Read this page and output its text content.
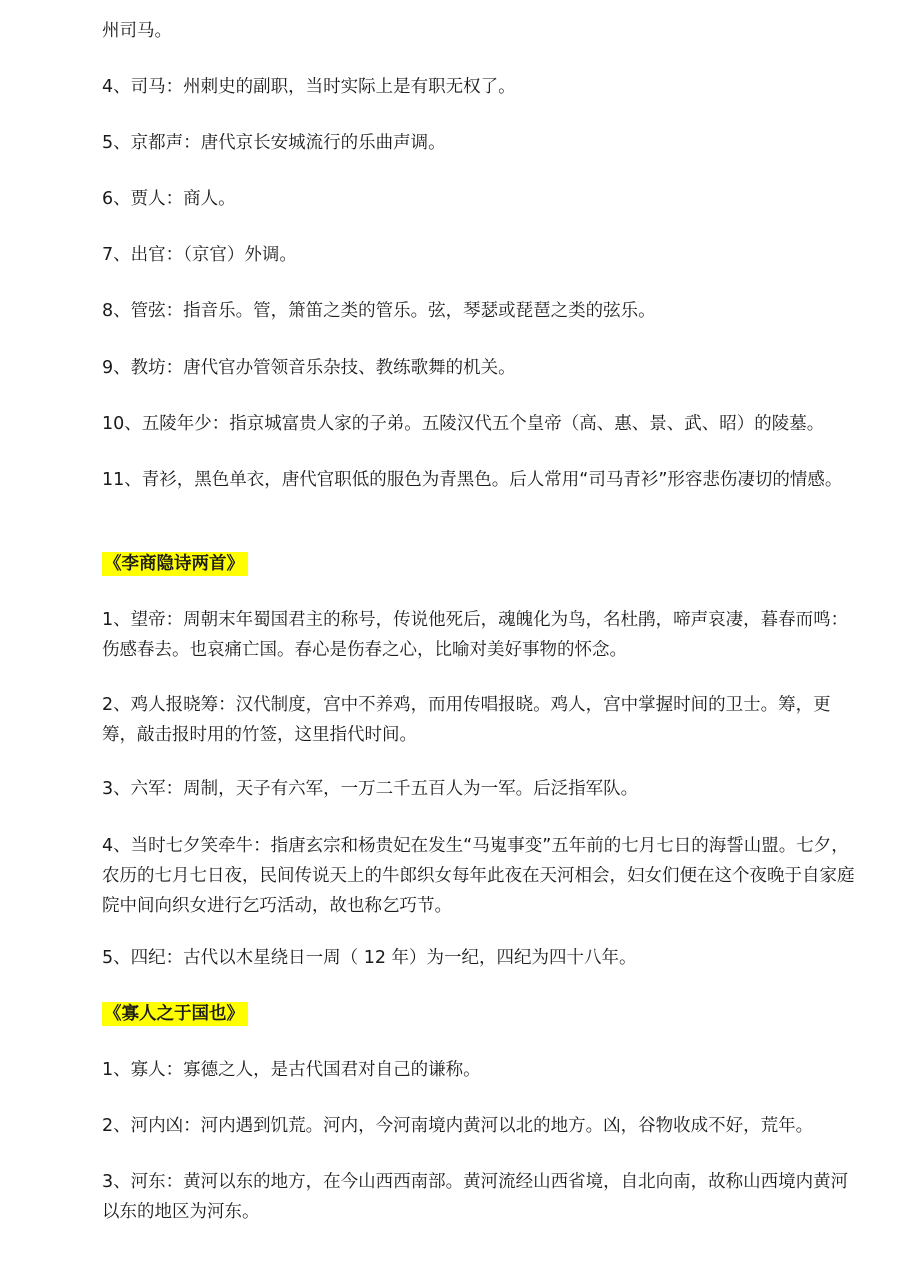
州司马。

4、司马：州刺史的副职，当时实际上是有职无权了。

5、京都声：唐代京长安城流行的乐曲声调。

6、贾人：商人。

7、出官：（京官）外调。

8、管弦：指音乐。管，箫笛之类的管乐。弦，琴瑟或琵琶之类的弦乐。

9、教坊：唐代官办管领音乐杂技、教练歌舞的机关。

10、五陵年少：指京城富贵人家的子弟。五陵汉代五个皇帝（高、惠、景、武、昭）的陵墓。

11、青衫，黑色单衣，唐代官职低的服色为青黑色。后人常用“司马青衫”形容悲伤凄切的情感。

《李商隐诗两首》

1、望帝：周朝末年蜀国君主的称号，传说他死后，魂魄化为鸟，名杜鹃，啼声哀凄，暮春而鸣：伤感春去。也哀痛亡国。春心是伤春之心，比喻对美好事物的怀念。

2、鸡人报晓筹：汉代制度，宫中不养鸡，而用传唱报晓。鸡人，宫中掌握时间的卫士。筹，更筹，敲击报时用的竹签，这里指代时间。

3、六军：周制，天子有六军，一万二千五百人为一军。后泛指军队。

4、当时七夕笑牵牛：指唐玄宗和杨贵妃在发生“马嵬事变”五年前的七月七日的海誓山盟。七夕，农历的七月七日夜，民间传说天上的牛郎织女每年此夜在天河相会，妇女们便在这个夜晚于自家庭院中间向织女进行乞巧活动，故也称乞巧节。

5、四纪：古代以木星绕日一周（ 12 年）为一纪，四纪为四十八年。

《寡人之于国也》

1、寡人：寡德之人，是古代国君对自己的谦称。

2、河内凶：河内遇到饥荒。河内，今河南境内黄河以北的地方。凶，谷物收成不好，荒年。

3、河东：黄河以东的地方，在今山西西南部。黄河流经山西省境，自北向南，故称山西境内黄河以东的地区为河东。
